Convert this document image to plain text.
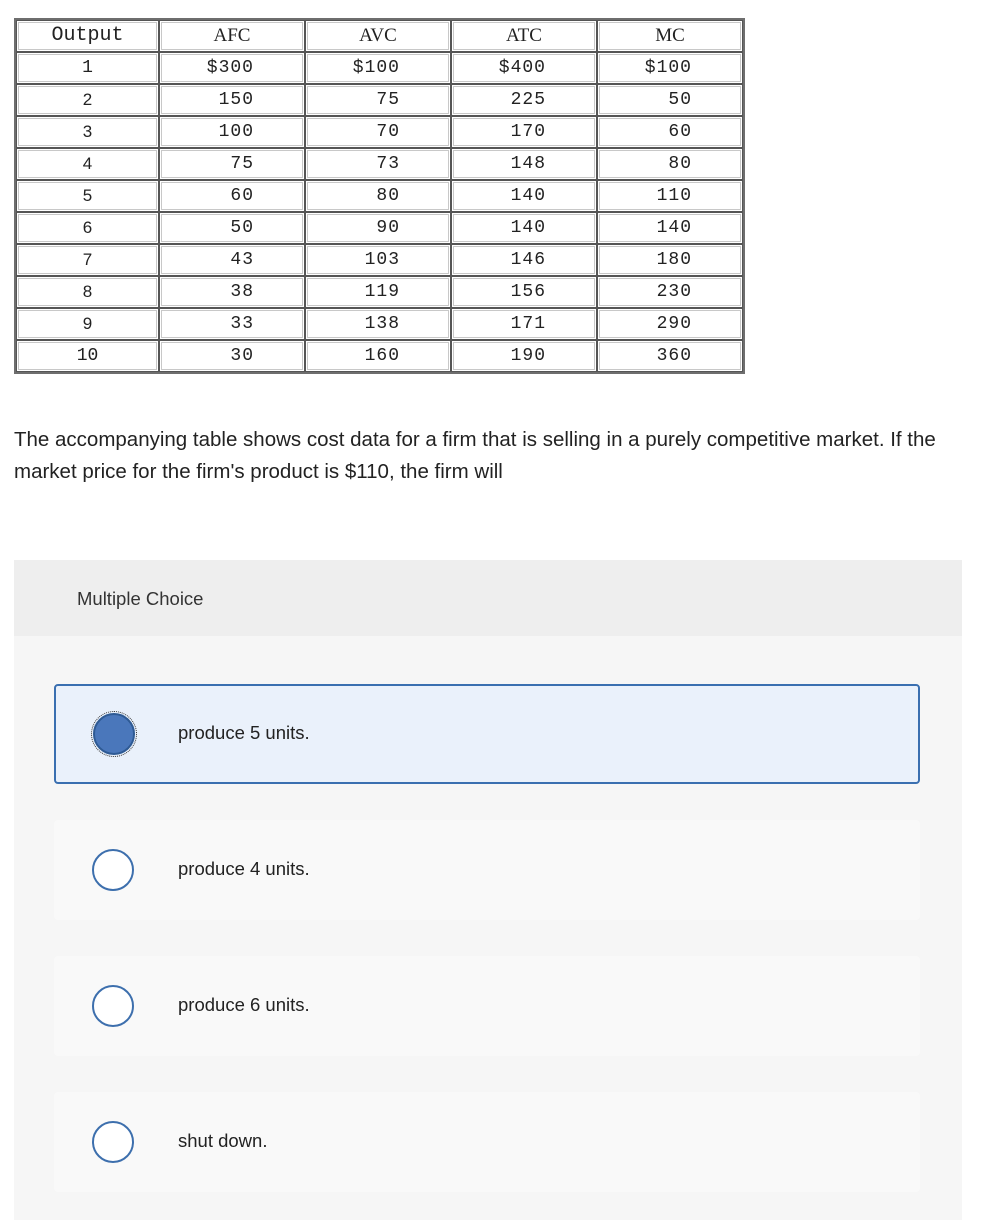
Output	AFC	AVC	ATC	MC
1	$300	$100	$400	$100
2	150	75	225	50
3	100	70	170	60
4	75	73	148	80
5	60	80	140	110
6	50	90	140	140
7	43	103	146	180
8	38	119	156	230
9	33	138	171	290
10	30	160	190	360

The accompanying table shows cost data for a firm that is selling in a purely competitive market. If the market price for the firm's product is $110, the firm will

Multiple Choice
produce 5 units.
produce 4 units.
produce 6 units.
shut down.
